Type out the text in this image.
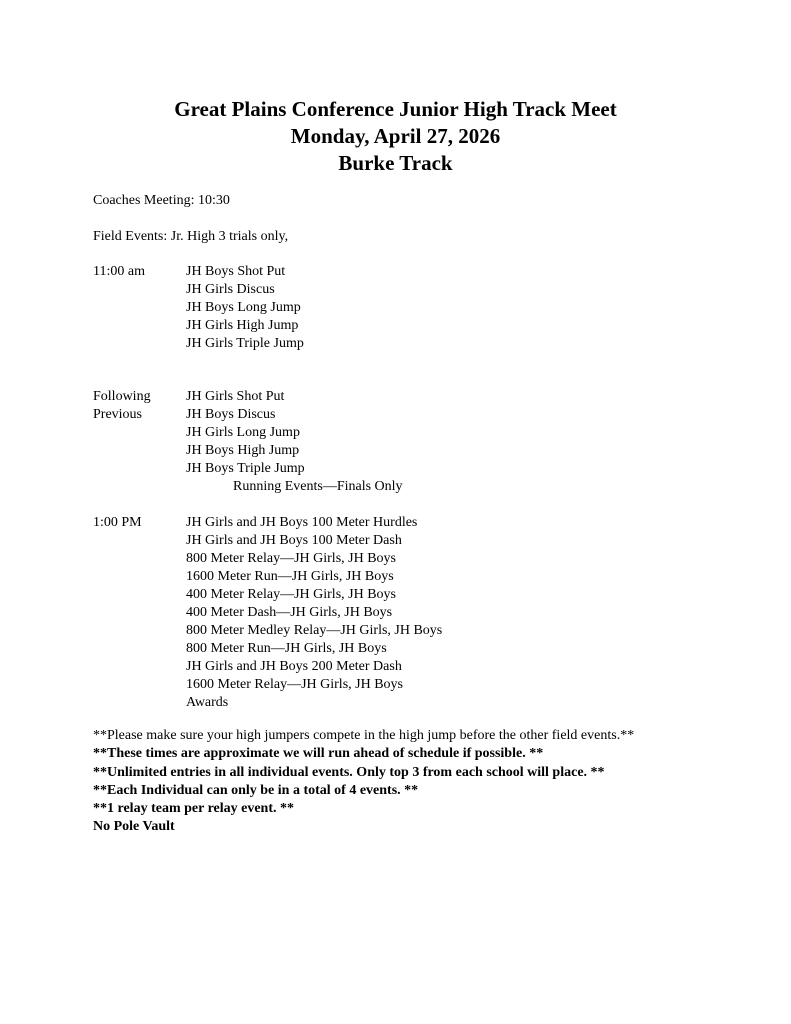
Great Plains Conference Junior High Track Meet
Monday, April 27, 2026
Burke Track

Coaches Meeting: 10:30

Field Events: Jr. High 3 trials only,

11:00 am	JH Boys Shot Put
JH Girls Discus
JH Boys Long Jump
JH Girls High Jump
JH Girls Triple Jump

Following

Previous

JH Girls Shot Put
JH Boys Discus
JH Girls Long Jump
JH Boys High Jump
JH Boys Triple Jump

Running Events—Finals Only

1:00 PM	JH Girls and JH Boys 100 Meter Hurdles
JH Girls and JH Boys 100 Meter Dash
800 Meter Relay—JH Girls, JH Boys
1600 Meter Run—JH Girls, JH Boys
400 Meter Relay—JH Girls, JH Boys
400 Meter Dash—JH Girls, JH Boys
800 Meter Medley Relay—JH Girls, JH Boys
800 Meter Run—JH Girls, JH Boys
JH Girls and JH Boys 200 Meter Dash
1600 Meter Relay—JH Girls, JH Boys
Awards

**Please make sure your high jumpers compete in the high jump before the other field events.**

**These times are approximate we will run ahead of schedule if possible. **

**Unlimited entries in all individual events. Only top 3 from each school will place. **

**Each Individual can only be in a total of 4 events. **

**1 relay team per relay event. **

No Pole Vault
